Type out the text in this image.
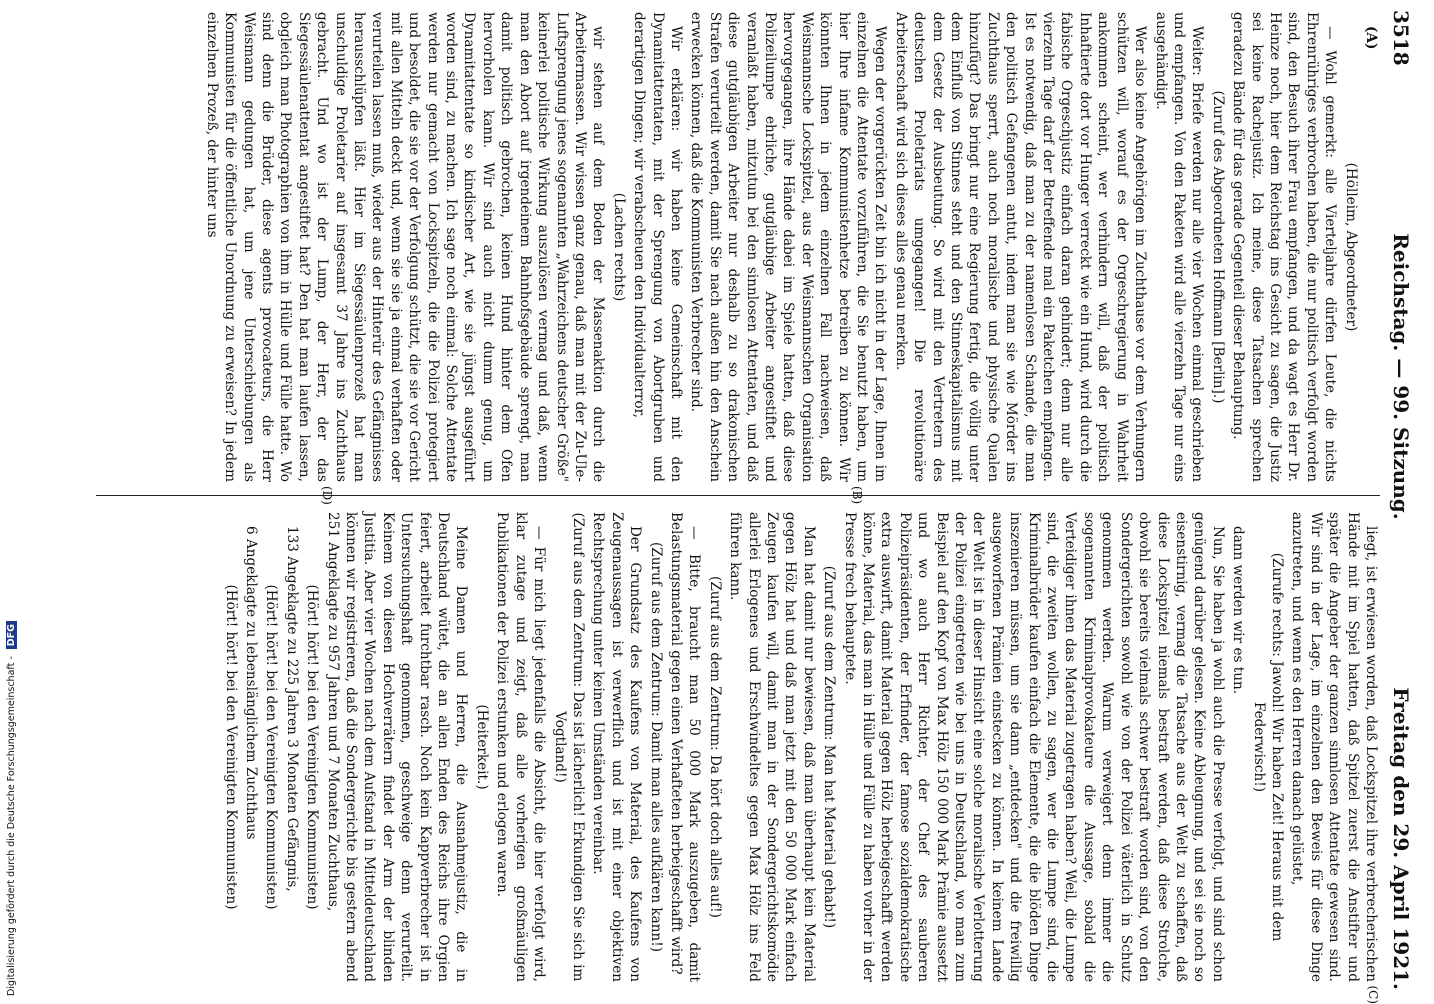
3518
Reichstag. — 99. Sitzung.
Freitag den 29. April 1921.

(A)

(Hölleim, Abgeordneter)

— Wohl gemerkt: alle Vierteljahre dürfen Leute, die nichts Ehrenrühriges verbrochen haben, die nur politisch verfolgt worden sind, den Besuch ihrer Frau empfangen, und da wagt es Herr Dr. Heinze noch, hier dem Reichstag ins Gesicht zu sagen, die Justiz sei keine Rachejustiz. Ich meine, diese Tatsachen sprechen geradezu Bände für das gerade Gegenteil dieser Behauptung.

(Zuruf des Abgeordneten Hoffmann [Berlin].)

Weiter: Briefe werden nur alle vier Wochen einmal geschrieben und empfangen. Von den Paketen wird alle vierzehn Tage nur eins ausgehändigt.

Wer also keine Angehörigen im Zuchthause vor dem Verhungern schützen will, worauf es der Orgeschregierung in Wahrheit ankommen scheint, wer verhindern will, daß der politisch Inhaftierte dort vor Hunger verreckt wie ein Hund, wird durch die fabische Orgeschjustiz einfach daran gehindert; denn nur alle vierzehn Tage darf der Betreffende mal ein Paketchen empfangen. Ist es notwendig, daß man zu der namenlosen Schande, die man den politisch Gefangenen antut, indem man sie wie Mörder ins Zuchthaus sperrt, auch noch moralische und physische Qualen hinzufügt? Das bringt nur eine Regierung fertig, die völlig unter dem Einfluß von Stinnes steht und den Stinneskapitalismus mit dem Gesetz der Ausbeutung. So wird mit den Vertretern des deutschen Proletariats umgegangen! Die revolutionäre Arbeiterschaft wird sich dieses alles genau merken.

Wegen der vorgerückten Zeit bin ich nicht in der Lage, Ihnen im einzelnen die Attentate vorzuführen, die Sie benutzt haben, um hier Ihre infame Kommunistenhetze betreiben zu können. Wir könnten Ihnen in jedem einzelnen Fall nachweisen, daß Weismannsche Lockspitzel, aus der Weismannschen Organisation hervorgegangen, ihre Hände dabei im Spiele hatten, daß diese Polizeilumpe ehrliche, gutgläubige Arbeiter angestiftet und veranlaßt haben, mitzutun bei den sinnlosen Attentaten, und daß diese gutgläubigen Arbeiter nur deshalb zu so drakonischen Strafen verurteilt werden, damit Sie nach außen hin den Anschein erwecken können, daß die Kommunisten Verbrecher sind.

Wir erklären: wir haben keine Gemeinschaft mit den Dynamitattentaten, mit der Sprengung von Abortgruben und derartigen Dingen; wir verabscheuen den Individualterror,

(Lachen rechts)

wir stehen auf dem Boden der Massenaktion durch die Arbeitermassen. Wir wissen ganz genau, daß man mit der Zu-Ule-Luftsprengung jenes sogenannten „Wahrzeichens deutscher Größe" keinerlei politische Wirkung auszulösen vermag und daß, wenn man den Abort auf irgendeinem Bahnhofsgebäude sprengt, man damit politisch gebrochen, keinen Hund hinter dem Ofen hervorholen kann. Wir sind auch nicht dumm genug, um Dynamitattentate so kindischer Art, wie sie jüngst ausgeführt worden sind, zu machen. Ich sage noch einmal: Solche Attentate werden nur gemacht von Lockspitzeln, die die Polizei protegiert und besoldet, die sie vor der Verfolgung schützt, die sie vor Gericht mit allen Mitteln deckt und, wenn sie sie ja einmal verhaften oder verurteilen lassen muß, wieder aus der Hinterür des Gefängnisses herausschlüpfen läßt. Hier im Siegessäulenprozeß hat man unschuldige Proletarier auf insgesamt 37 Jahre ins Zuchthaus gebracht. Und wo ist der Lump, der Herr, der das Siegessäulenattentat angestiftet hat? Den hat man laufen lassen, obgleich man Photographien von ihm in Hülle und Fülle hatte. Wo sind denn die Brüder, diese agents provocateurs, die Herr Weismann gedungen hat, um jene Unterschiebungen als Kommunisten für die öffentliche Unordnung zu erweisen? In jedem einzelnen Prozeß, der hinter uns

liegt, ist erwiesen worden, daß Lockspitzel ihre verbrecherischen Hände mit im Spiel hatten, daß Spitzel zuerst die Anstifter und später die Angeber der ganzen sinnlosen Attentate gewesen sind. Wir sind in der Lage, im einzelnen den Beweis für diese Dinge anzutreten, und wenn es den Herren danach gelüstet,

(Zurufe rechts: Jawohl! Wir haben Zeit! Heraus mit dem Federwisch!)

dann werden wir es tun.

Nun, Sie haben ja wohl auch die Presse verfolgt, und sind schon genügend darüber gelesen. Keine Ableugnung, und sei sie noch so eisenstirnig, vermag die Tatsache aus der Welt zu schaffen, daß diese Lockspitzel niemals bestraft werden, daß diese Strolche, obwohl sie bereits vielmals schwer bestraft worden sind, von den Sondergerichten sowohl wie von der Polizei väterlich in Schutz genommen werden. Warum verweigert denn immer die sogenannten Kriminalprovokateure die Aussage, sobald die Verteidiger ihnen das Material zugetragen haben? Weil, die Lumpe sind, die zweiten wollen, zu sagen, wer die Lumpe sind, die Kriminalbrüder kaufen einfach die Elemente, die die blöden Dinge inszenieren müssen, um sie dann „entdecken" und die freiwillig ausgeworfenen Prämien einstecken zu können. In keinem Lande der Welt ist in dieser Hinsicht eine solche moralische Verlotterung der Polizei eingetreten wie bei uns in Deutschland, wo man zum Beispiel auf den Kopf von Max Hölz 150 000 Mark Prämie aussetzt und wo auch Herr Richter, der Chef des sauberen Polizeipräsidenten, der Erfinder, der famose sozialdemokratische extra auswirft, damit Material gegen Hölz herbeigeschafft werden könne, Material, das man in Hülle und Fülle zu haben vorher in der Presse frech behauptete.

(Zuruf aus dem Zentrum: Man hat Material gehabt!)

Man hat damit nur bewiesen, daß man überhaupt kein Material gegen Hölz hat und daß man jetzt mit den 50 000 Mark einfach Zeugen kaufen will, damit man in der Sondergerichtskomödie allerlei Erlogenes und Erschwindeltes gegen Max Hölz ins Feld führen kann.

(Zuruf aus dem Zentrum: Da hört doch alles auf!)

— Bitte, braucht man 50 000 Mark auszugeben, damit Belastungsmaterial gegen einen Verhafteten herbeigeschafft wird?

(Zuruf aus dem Zentrum: Damit man alles aufklären kann!)

Der Grundsatz des Kaufens von Material, des Kaufens von Zeugenaussagen ist verwerflich und ist mit einer objektiven Rechtsprechung unter keinen Umständen vereinbar.

(Zuruf aus dem Zentrum: Das ist lächerlich! Erkundigen Sie sich im Vogtland!)

— Für mich liegt jedenfalls die Absicht, die hier verfolgt wird, klar zutage und zeigt, daß alle vorherigen großmäuligen Publikationen der Polizei erstunken und erlogen waren.

(Heiterkeit.)

Meine Damen und Herren, die Ausnahmejustiz, die in Deutschland wütet, die an allen Enden des Reichs ihre Orgien feiert, arbeitet furchtbar rasch. Noch kein Kappverbrecher ist in Untersuchungshaft genommen, geschweige denn verurteilt. Keinem von diesen Hochverrätern findet der Arm der blinden Justitia. Aber vier Wochen nach dem Aufstand in Mitteldeutschland können wir registrieren, daß die Sondergerichte bis gestern abend 251 Angeklagte zu 957 Jahren und 7 Monaten Zuchthaus,

(Hört! hört! bei den Vereinigten Kommunisten)

133 Angeklagte zu 225 Jahren 3 Monaten Gefängnis,

(Hört! hört! bei den Vereinigten Kommunisten)

6 Angeklagte zu lebenslänglichem Zuchthaus

(Hört! hört! bei den Vereinigten Kommunisten)

(B)
(C)
(D)
Digitalisierung gefördert durch die Deutsche Forschungsgemeinschaft - DFG
